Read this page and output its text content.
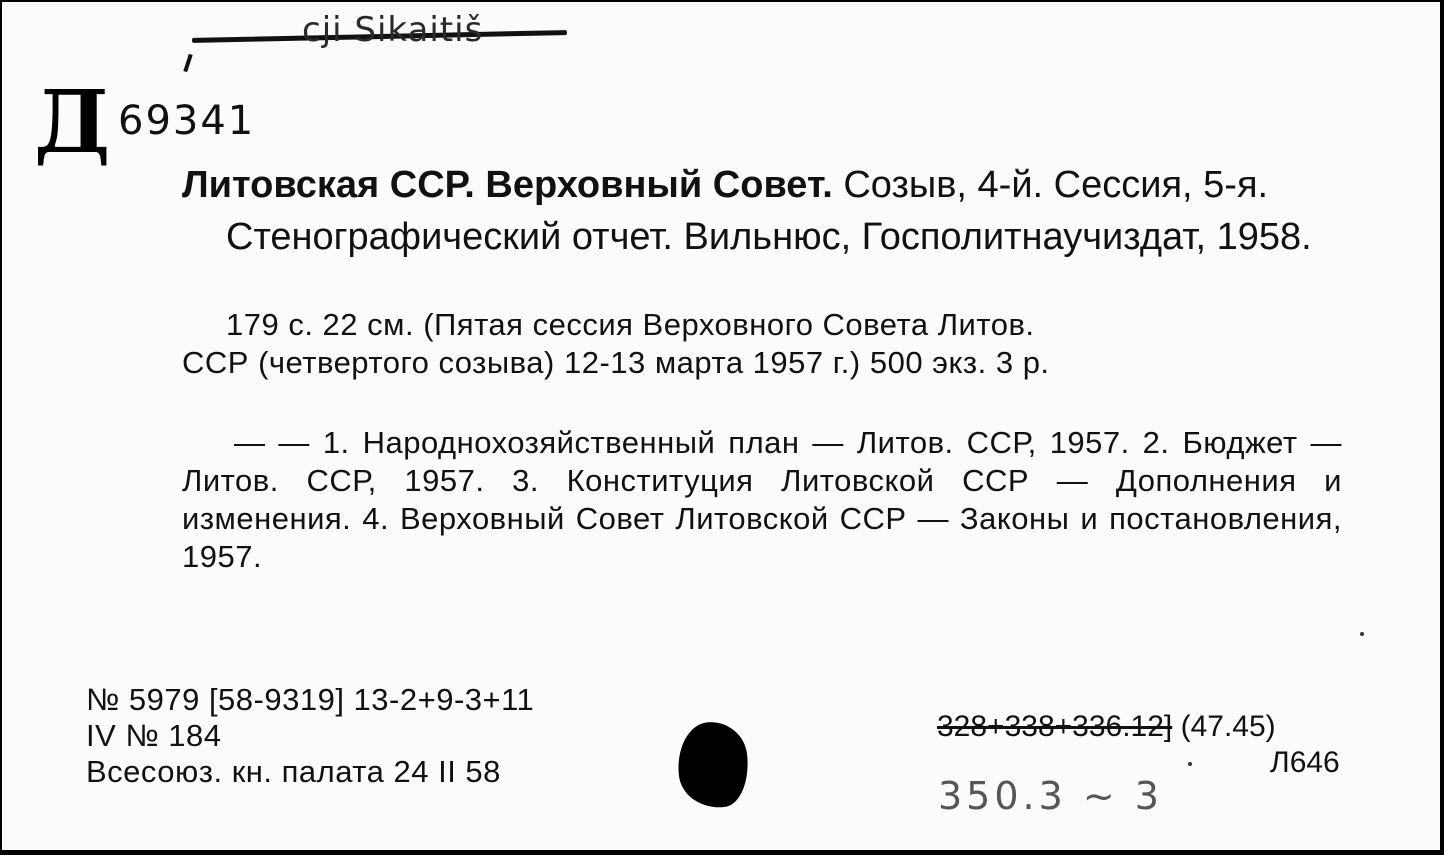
cji Sikaitiš
Д 69341
Литовская ССР. Верховный Совет. Созыв, 4-й. Сессия, 5-я.
Стенографический отчет. Вильнюс, Госполитнаучиздат, 1958.
179 с. 22 см. (Пятая сессия Верховного Совета Литов.
ССР (четвертого созыва) 12-13 марта 1957 г.) 500 экз. 3 р.
— — 1. Народнохозяйственный план — Литов. ССР, 1957. 2. Бюджет — Литов. ССР, 1957. 3. Конституция Литовской ССР — Дополнения и изменения. 4. Верховный Совет Литовской ССР — Законы и постановления, 1957.
№ 5979 [58-9319] 13-2+9-3+11
IV № 184
Всесоюз. кн. палата 24 II 58
328+338+336.12] (47.45)
Л646
350.3 ~ 3
